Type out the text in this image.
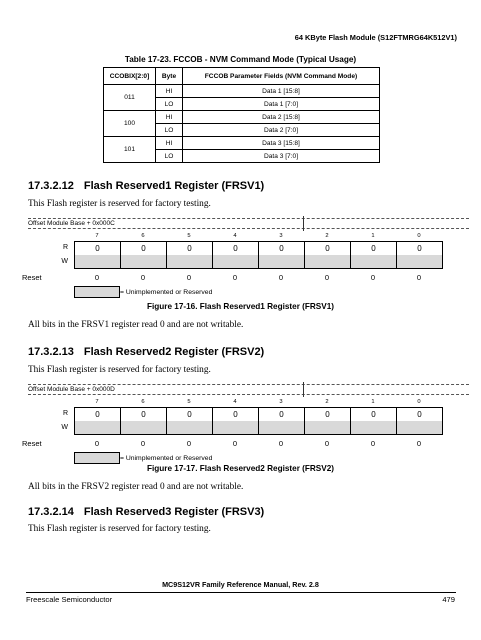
64 KByte Flash Module (S12FTMRG64K512V1)
Table 17-23. FCCOB - NVM Command Mode (Typical Usage)
CCOBIX[2:0]	Byte	FCCOB Parameter Fields (NVM Command Mode)
011	HI	Data 1 [15:8]
	LO	Data 1 [7:0]
100	HI	Data 2 [15:8]
	LO	Data 2 [7:0]
101	HI	Data 3 [15:8]
	LO	Data 3 [7:0]
17.3.2.12 Flash Reserved1 Register (FRSV1)
This Flash register is reserved for factory testing.
Offset Module Base + 0x000C
7	6	5	4	3	2	1	0
R
W
0	0	0	0	0	0	0	0
Reset	0	0	0	0	0	0	0	0
= Unimplemented or Reserved
Figure 17-16. Flash Reserved1 Register (FRSV1)
All bits in the FRSV1 register read 0 and are not writable.
17.3.2.13 Flash Reserved2 Register (FRSV2)
This Flash register is reserved for factory testing.
Offset Module Base + 0x000D
7	6	5	4	3	2	1	0
R
W
0	0	0	0	0	0	0	0
Reset	0	0	0	0	0	0	0	0
= Unimplemented or Reserved
Figure 17-17. Flash Reserved2 Register (FRSV2)
All bits in the FRSV2 register read 0 and are not writable.
17.3.2.14 Flash Reserved3 Register (FRSV3)
This Flash register is reserved for factory testing.
MC9S12VR Family Reference Manual, Rev. 2.8
Freescale Semiconductor	479
